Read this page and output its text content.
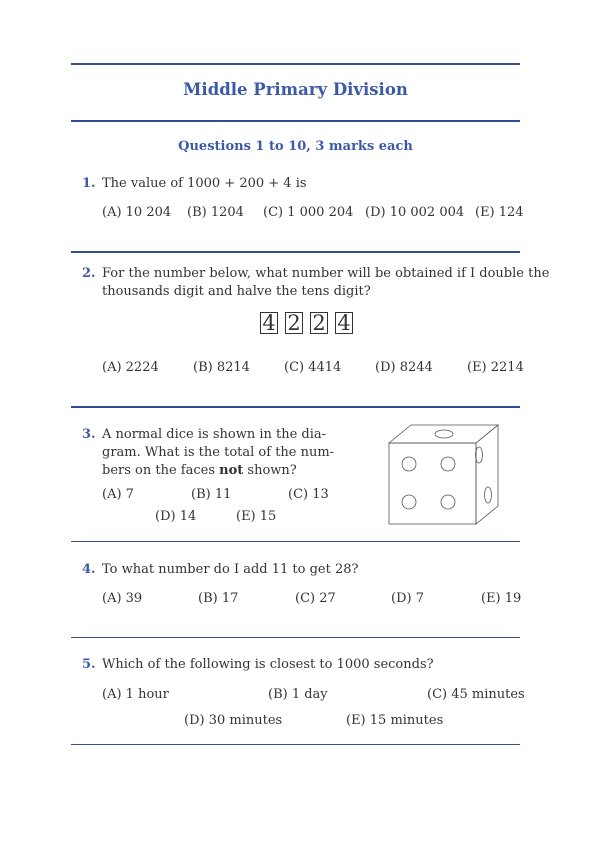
Middle Primary Division
Questions 1 to 10, 3 marks each
1. The value of 1000 + 200 + 4 is
(A) 10 204 (B) 1204 (C) 1 000 204 (D) 10 002 004 (E) 124
2. For the number below, what number will be obtained if I double the
thousands digit and halve the tens digit?
4 2 2 4
(A) 2224	(B) 8214	(C) 4414	(D) 8244	(E) 2214
3. A normal dice is shown in the dia-
gram. What is the total of the num-
bers on the faces not shown?
(A) 7	(B) 11	(C) 13
(D) 14	(E) 15
4. To what number do I add 11 to get 28?
(A) 39	(B) 17	(C) 27	(D) 7	(E) 19
5. Which of the following is closest to 1000 seconds?
(A) 1 hour	(B) 1 day	(C) 45 minutes
(D) 30 minutes	(E) 15 minutes
